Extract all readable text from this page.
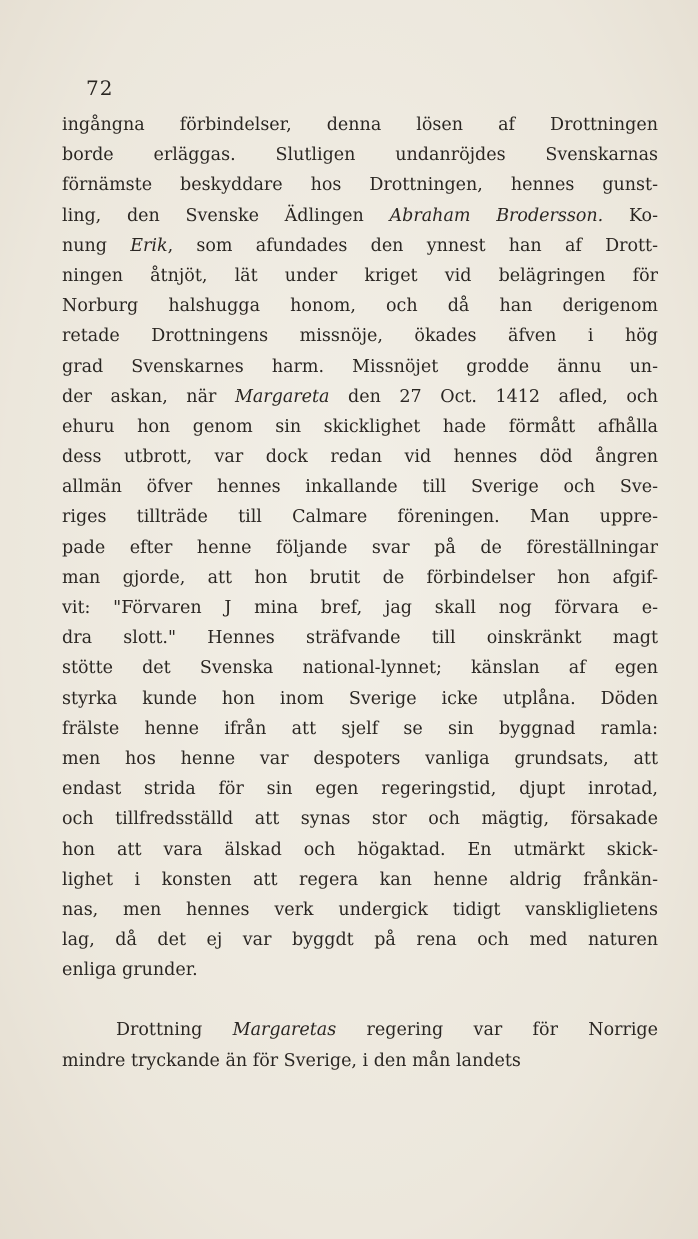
72
ingångna förbindelser, denna lösen af Drottningen
borde erläggas. Slutligen undanröjdes Svenskarnas
förnämste beskyddare hos Drottningen, hennes gunst-
ling, den Svenske Ädlingen Abraham Brodersson. Ko-
nung Erik, som afundades den ynnest han af Drott-
ningen åtnjöt, lät under kriget vid belägringen för
Norburg halshugga honom, och då han derigenom
retade Drottningens missnöje, ökades äfven i hög
grad Svenskarnes harm. Missnöjet grodde ännu un-
der askan, när Margareta den 27 Oct. 1412 afled, och
ehuru hon genom sin skicklighet hade förmått afhålla
dess utbrott, var dock redan vid hennes död ångren
allmän öfver hennes inkallande till Sverige och Sve-
riges tillträde till Calmare föreningen. Man uppre-
pade efter henne följande svar på de föreställningar
man gjorde, att hon brutit de förbindelser hon afgif-
vit: "Förvaren J mina bref, jag skall nog förvara e-
dra slott." Hennes sträfvande till oinskränkt magt
stötte det Svenska national-lynnet; känslan af egen
styrka kunde hon inom Sverige icke utplåna. Döden
frälste henne ifrån att sjelf se sin byggnad ramla:
men hos henne var despoters vanliga grundsats, att
endast strida för sin egen regeringstid, djupt inrotad,
och tillfredsställd att synas stor och mägtig, försakade
hon att vara älskad och högaktad. En utmärkt skick-
lighet i konsten att regera kan henne aldrig frånkän-
nas, men hennes verk undergick tidigt vanskliglietens
lag, då det ej var byggdt på rena och med naturen
enliga grunder.
Drottning Margaretas regering var för Norrige
mindre tryckande än för Sverige, i den mån landets
